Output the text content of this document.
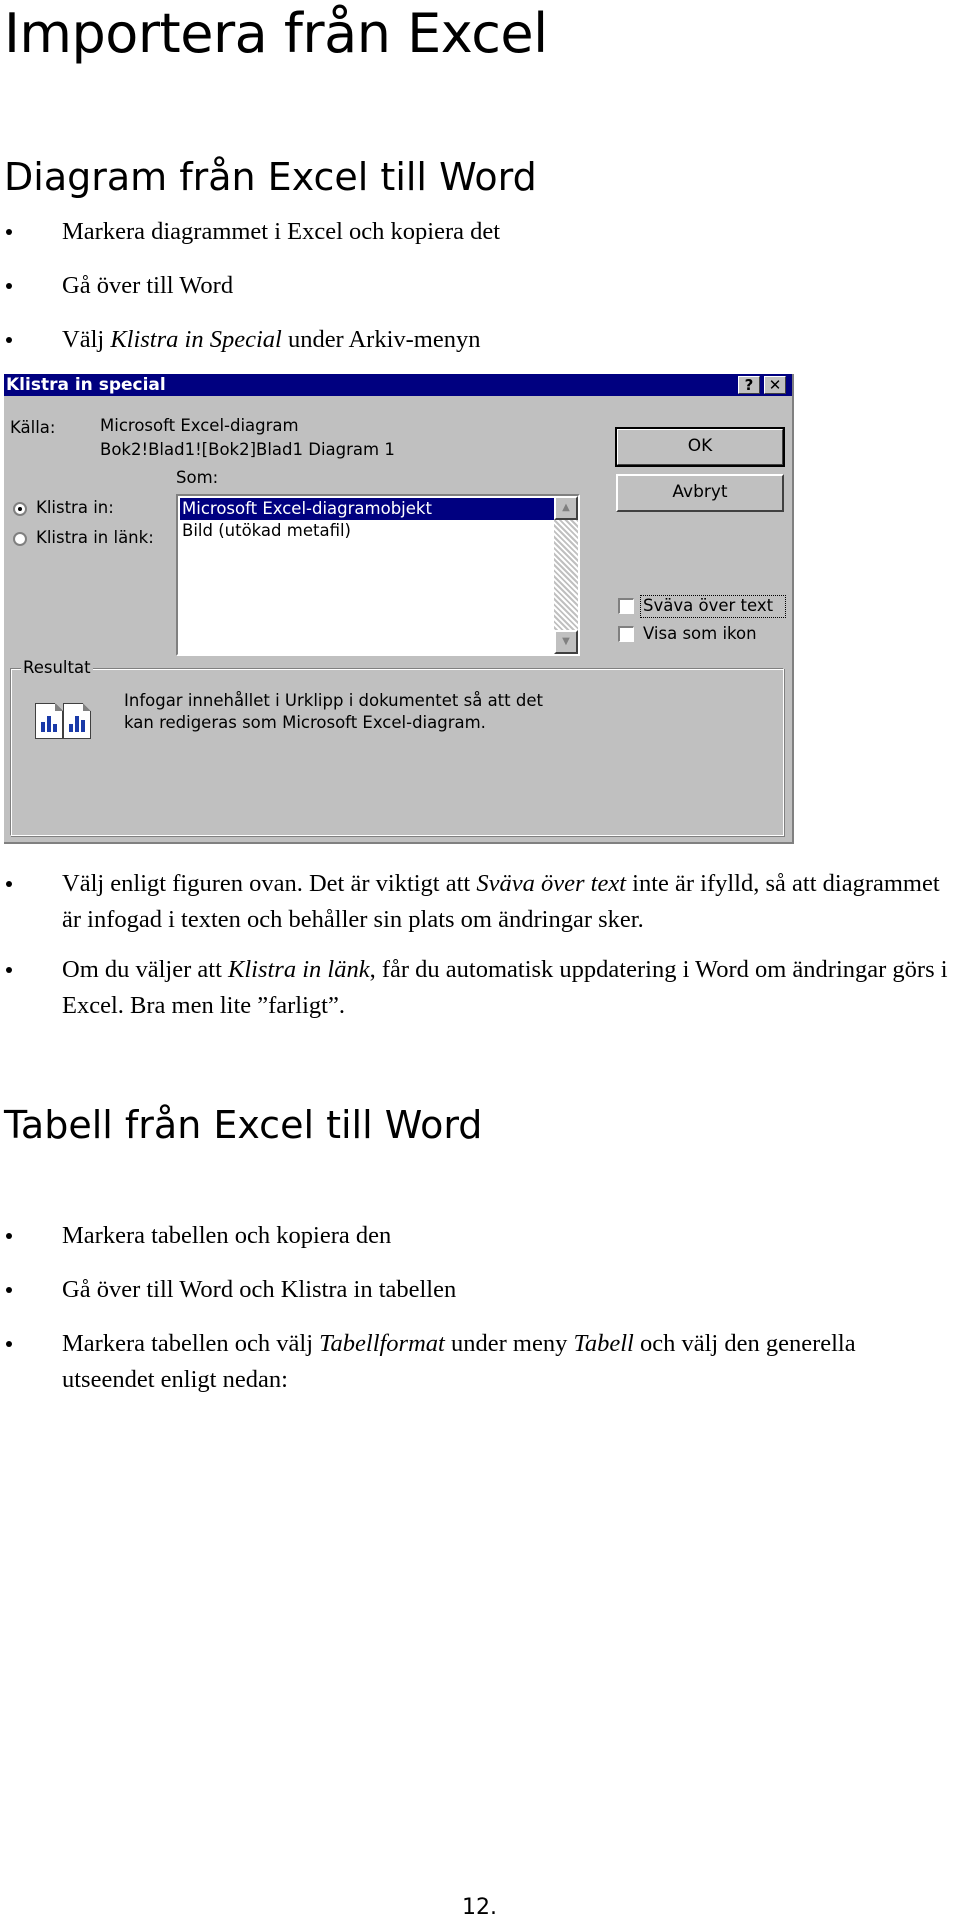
Importera från Excel
Diagram från Excel till Word
Markera diagrammet i Excel och kopiera det
Gå över till Word
Välj Klistra in Special under Arkiv-menyn
Klistra in special	?	✕
Källa:	Microsoft Excel-diagram
Bok2!Blad1![Bok2]Blad1 Diagram 1
Som:
Klistra in:
Klistra in länk:
Microsoft Excel-diagramobjekt
Bild (utökad metafil)
▲
▼
OK
Avbryt
Sväva över text
Visa som ikon
Resultat
Infogar innehållet i Urklipp i dokumentet så att det
kan redigeras som Microsoft Excel-diagram.
Välj enligt figuren ovan. Det är viktigt att Sväva över text inte är ifylld, så att diagrammet är infogad i texten och behåller sin plats om ändringar sker.
Om du väljer att Klistra in länk, får du automatisk uppdatering i Word om ändringar görs i Excel. Bra men lite ”farligt”.
Tabell från Excel till Word
Markera tabellen och kopiera den
Gå över till Word och Klistra in tabellen
Markera tabellen och välj Tabellformat under meny Tabell och välj den generella utseendet enligt nedan:
12.
